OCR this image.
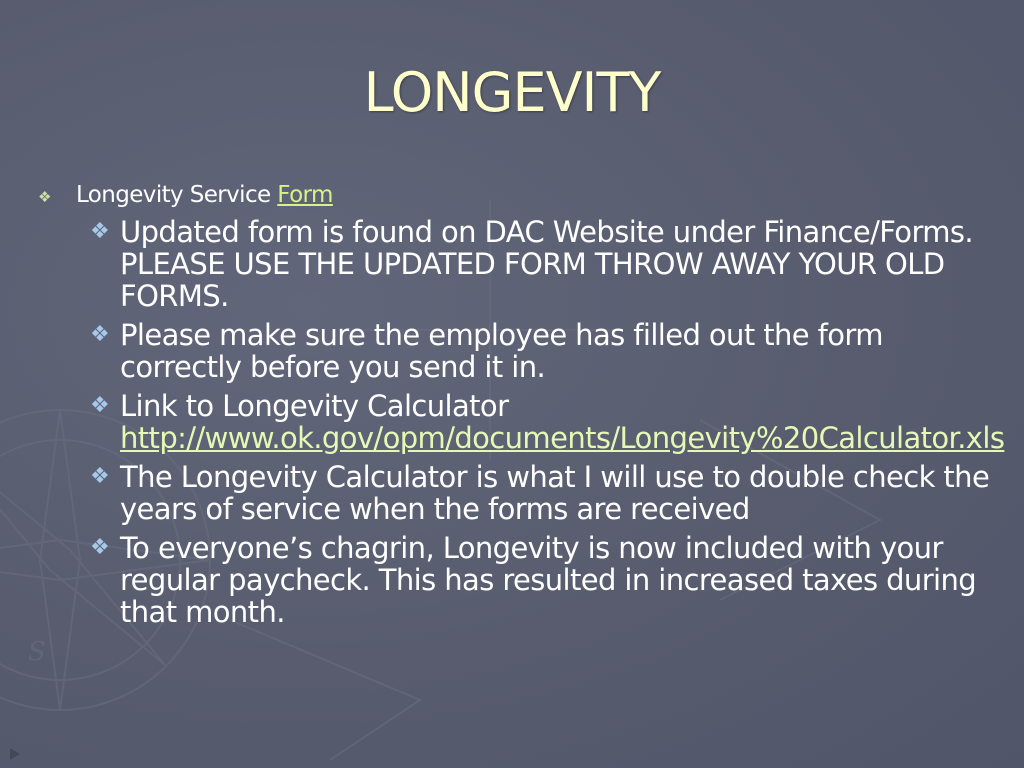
S
LONGEVITY
❖	Longevity Service Form
❖ Updated form is found on DAC Website under Finance/Forms. PLEASE USE THE UPDATED FORM THROW AWAY YOUR OLD FORMS.
❖ Please make sure the employee has filled out the form correctly before you send it in.
❖ Link to Longevity Calculator
http://www.ok.gov/opm/documents/Longevity%20Calculator.xls
❖ The Longevity Calculator is what I will use to double check the years of service when the forms are received
❖ To everyone’s chagrin, Longevity is now included with your regular paycheck. This has resulted in increased taxes during that month.
